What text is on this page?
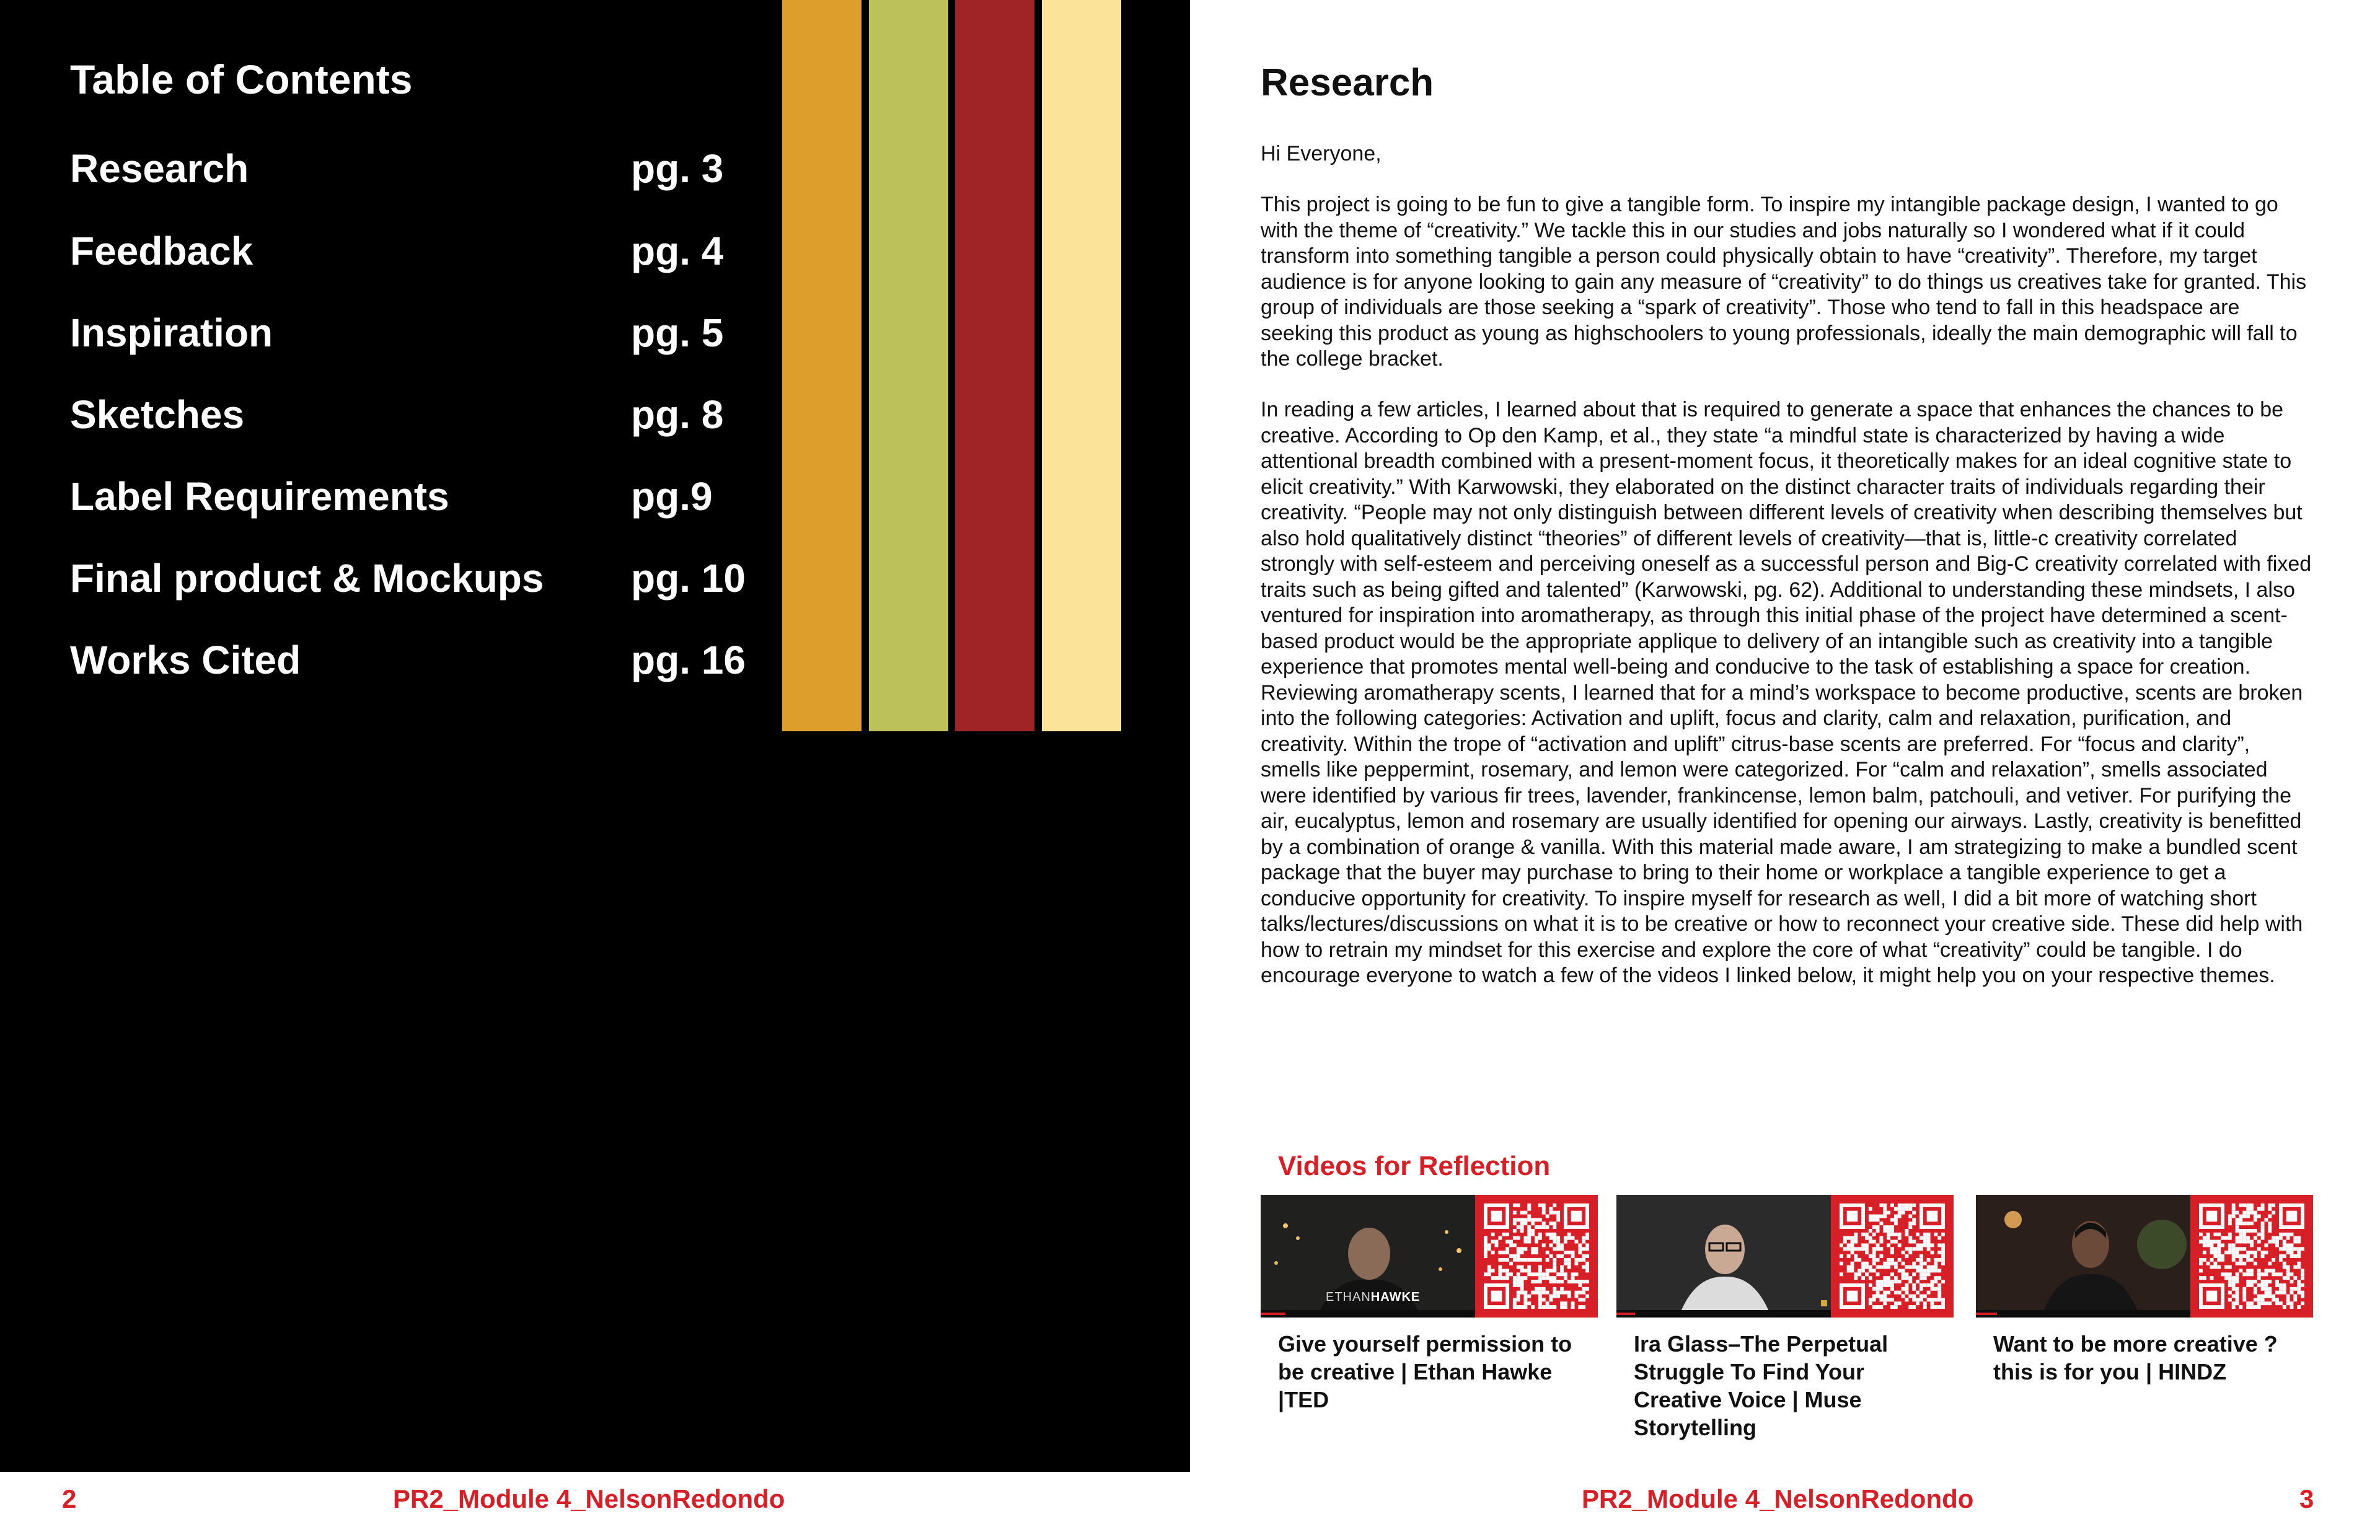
Table of Contents
Research	pg. 3
Feedback	pg. 4
Inspiration	pg. 5
Sketches	pg. 8
Label Requirements	pg.9
Final product & Mockups pg. 10
Works Cited	pg. 16
Research

Hi Everyone,

This project is going to be fun to give a tangible form. To inspire my intangible package design, I wanted to go with the theme of “creativity.” We tackle this in our studies and jobs naturally so I wondered what if it could transform into something tangible a person could physically obtain to have “creativity”. Therefore, my target audience is for anyone looking to gain any measure of “creativity” to do things us creatives take for granted. This group of individuals are those seeking a “spark of creativity”. Those who tend to fall in this headspace are seeking this product as young as highschoolers to young professionals, ideally the main demographic will fall to the college bracket.

In reading a few articles, I learned about that is required to generate a space that enhances the chances to be creative. According to Op den Kamp, et al., they state “a mindful state is characterized by having a wide attentional breadth combined with a present-moment focus, it theoretically makes for an ideal cognitive state to elicit creativity.” With Karwowski, they elaborated on the distinct character traits of individuals regarding their creativity. “People may not only distinguish between different levels of creativity when describing themselves but also hold qualitatively distinct “theories” of different levels of creativity—that is, little-c creativity correlated strongly with self-esteem and perceiving oneself as a successful person and Big-C creativity correlated with fixed traits such as being gifted and talented” (Karwowski, pg. 62). Additional to understanding these mindsets, I also ventured for inspiration into aromatherapy, as through this initial phase of the project have determined a scent-based product would be the appropriate applique to delivery of an intangible such as creativity into a tangible experience that promotes mental well-being and conducive to the task of establishing a space for creation. Reviewing aromatherapy scents, I learned that for a mind’s workspace to become productive, scents are broken into the following categories: Activation and uplift, focus and clarity, calm and relaxation, purification, and creativity. Within the trope of “activation and uplift” citrus-base scents are preferred. For “focus and clarity”, smells like peppermint, rosemary, and lemon were categorized. For “calm and relaxation”, smells associated were identified by various fir trees, lavender, frankincense, lemon balm, patchouli, and vetiver. For purifying the air, eucalyptus, lemon and rosemary are usually identified for opening our airways. Lastly, creativity is benefitted by a combination of orange & vanilla. With this material made aware, I am strategizing to make a bundled scent package that the buyer may purchase to bring to their home or workplace a tangible experience to get a conducive opportunity for creativity. To inspire myself for research as well, I did a bit more of watching short talks/lectures/discussions on what it is to be creative or how to reconnect your creative side. These did help with how to retrain my mindset for this exercise and explore the core of what “creativity” could be tangible. I do encourage everyone to watch a few of the videos I linked below, it might help you on your respective themes.

Videos for Reflection
ETHANHAWKE

Give yourself permission to be creative | Ethan Hawke |TED

Ira Glass–The Perpetual Struggle To Find Your Creative Voice | Muse Storytelling

Want to be more creative ? this is for you | HINDZ

2	PR2_Module 4_NelsonRedondo	PR2_Module 4_NelsonRedondo	3
